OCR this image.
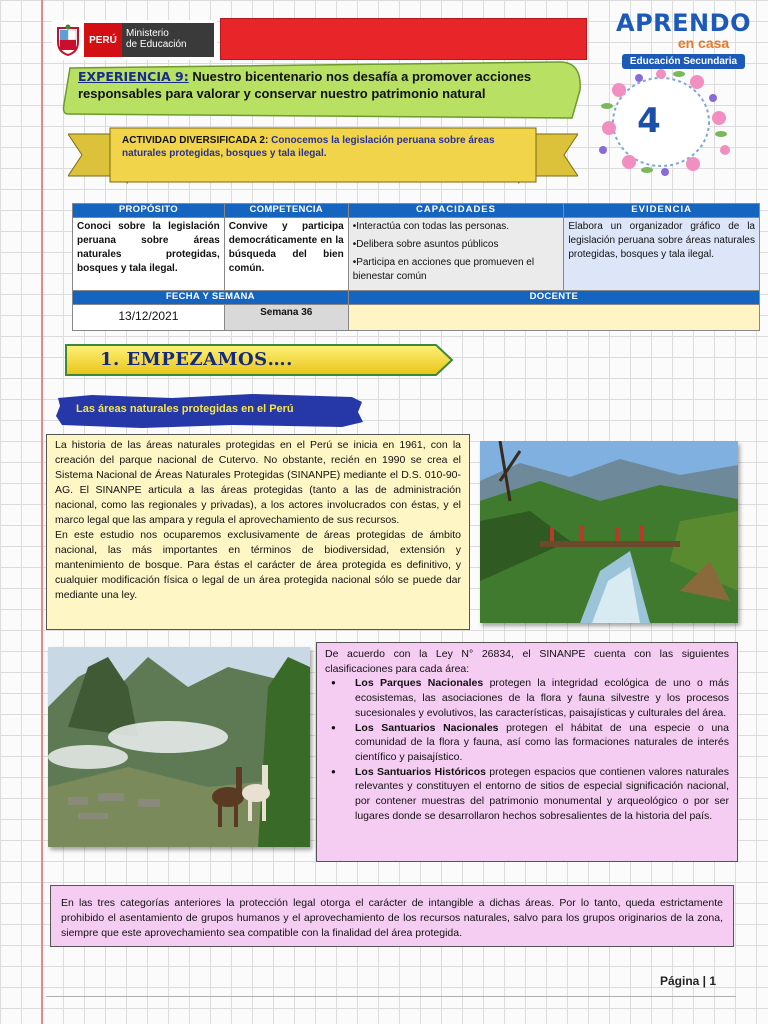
PERÚ
Ministerio
de Educación
APRENDO
en casa
Educación Secundaria
4
EXPERIENCIA 9: Nuestro bicentenario nos desafía a promover acciones responsables para valorar y conservar nuestro patrimonio natural
ACTIVIDAD DIVERSIFICADA 2: Conocemos la legislación peruana sobre áreas naturales protegidas, bosques y tala ilegal.
PROPÓSITO	COMPETENCIA	CAPACIDADES	EVIDENCIA
Conoci sobre la legislación peruana sobre áreas naturales protegidas, bosques y tala ilegal.	Convive y participa democráticamente en la búsqueda del bien común.	•Interactúa con todas las personas.
•Delibera sobre asuntos públicos
•Participa en acciones que promueven el bienestar común	Elabora un organizador gráfico de la legislación peruana sobre áreas naturales protegidas, bosques y tala ilegal.
FECHA Y SEMANA		DOCENTE	
13/12/2021	Semana 36		
1. EMPEZAMOS….
Las áreas naturales protegidas en el Perú

La historia de las áreas naturales protegidas en el Perú se inicia en 1961, con la creación del parque nacional de Cutervo. No obstante, recién en 1990 se crea el Sistema Nacional de Áreas Naturales Protegidas (SINANPE) mediante el D.S. 010-90-AG. El SINANPE articula a las áreas protegidas (tanto a las de administración nacional, como las regionales y privadas), a los actores involucrados con éstas, y el marco legal que las ampara y regula el aprovechamiento de sus recursos.

En este estudio nos ocuparemos exclusivamente de áreas protegidas de ámbito nacional, las más importantes en términos de biodiversidad, extensión y mantenimiento de bosque. Para éstas el carácter de área protegida es definitivo, y cualquier modificación física o legal de un área protegida nacional sólo se puede dar mediante una ley.

De acuerdo con la Ley N° 26834, el SINANPE cuenta con las siguientes clasificaciones para cada área:

● Los Parques Nacionales protegen la integridad ecológica de uno o más ecosistemas, las asociaciones de la flora y fauna silvestre y los procesos sucesionales y evolutivos, las características, paisajísticas y culturales del área.
● Los Santuarios Nacionales protegen el hábitat de una especie o una comunidad de la flora y fauna, así como las formaciones naturales de interés científico y paisajístico.
● Los Santuarios Históricos protegen espacios que contienen valores naturales relevantes y constituyen el entorno de sitios de especial significación nacional, por contener muestras del patrimonio monumental y arqueológico o por ser lugares donde se desarrollaron hechos sobresalientes de la historia del país.

En las tres categorías anteriores la protección legal otorga el carácter de intangible a dichas áreas. Por lo tanto, queda estrictamente prohibido el asentamiento de grupos humanos y el aprovechamiento de los recursos naturales, salvo para los grupos originarios de la zona, siempre que este aprovechamiento sea compatible con la finalidad del área protegida.

Página | 1
